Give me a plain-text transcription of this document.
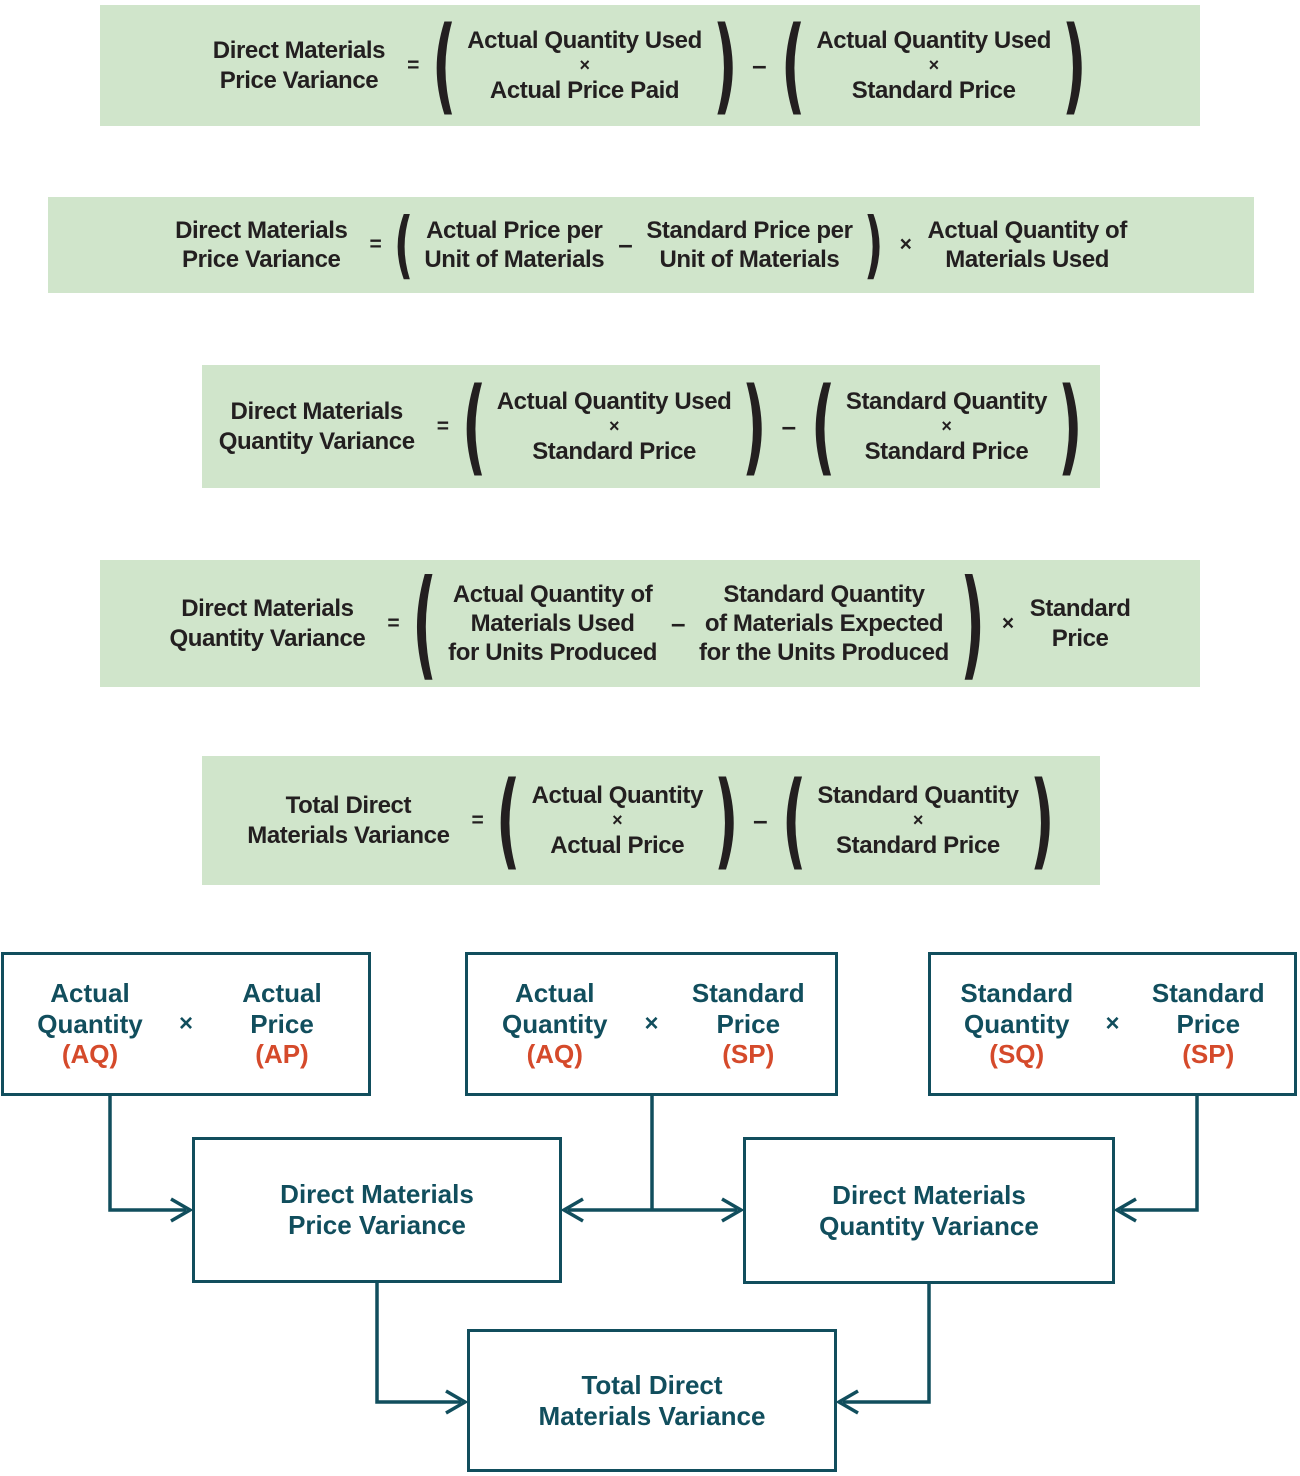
Direct Materials
Price Variance
= ( Actual Quantity Used
×
Actual Price Paid ) – ( Actual Quantity Used
×
Standard Price )
Direct Materials
Price Variance
= ( Actual Price per
Unit of Materials
– Standard Price per
Unit of Materials ) ×
Actual Quantity of
Materials Used
Direct Materials
Quantity Variance
= ( Actual Quantity Used
×
Standard Price ) – ( Standard Quantity
×
Standard Price )
Direct Materials
Quantity Variance
= ( Actual Quantity of
Materials Used
for Units Produced
–
Standard Quantity
of Materials Expected
for the Units Produced ) ×
Standard
Price
Total Direct
Materials Variance
= ( Actual Quantity
×
Actual Price ) – ( Standard Quantity
×
Standard Price )
Actual
Quantity
(AQ)
×
Actual
Price
(AP)
Actual
Quantity
(AQ)
×
Standard
Price
(SP)
Standard
Quantity
(SQ)
×
Standard
Price
(SP)
Direct Materials
Price Variance
Direct Materials
Quantity Variance
Total Direct
Materials Variance
